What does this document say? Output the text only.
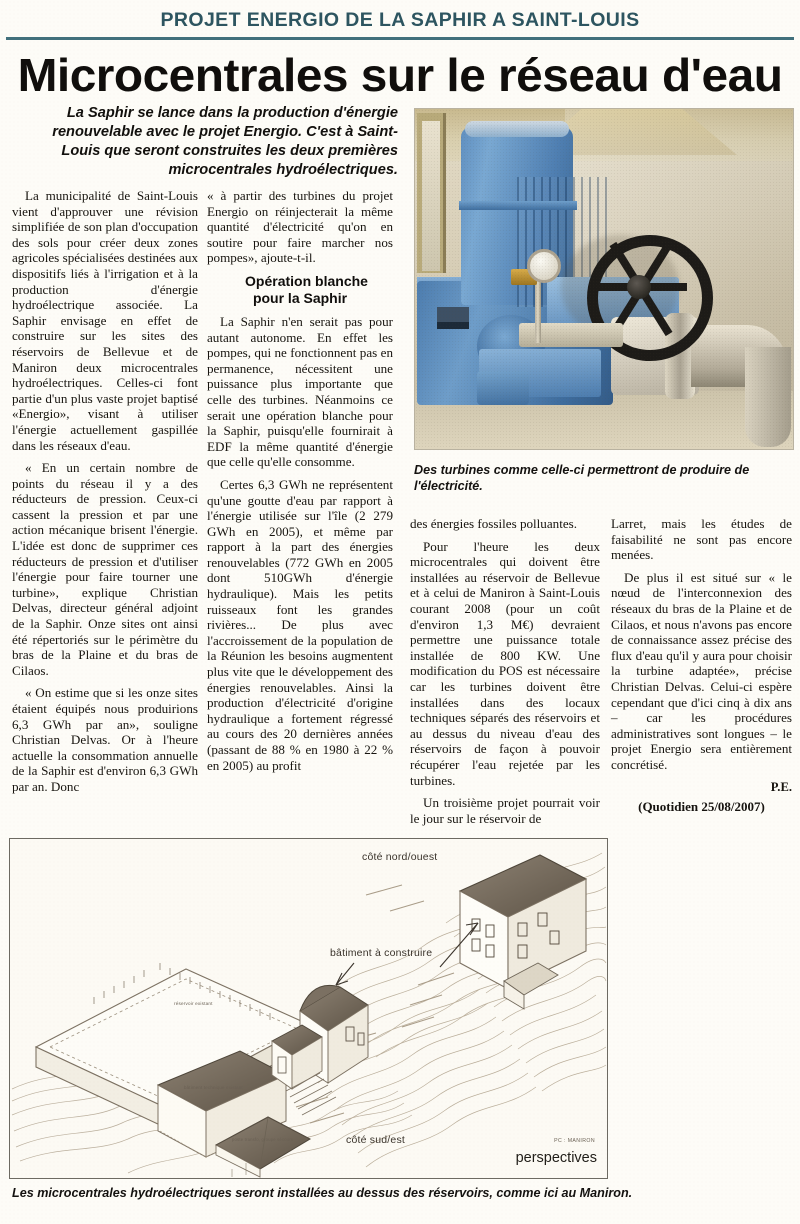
PROJET ENERGIO DE LA SAPHIR A SAINT-LOUIS
Microcentrales sur le réseau d'eau
La Saphir se lance dans la production d'énergie renouvelable avec le projet Energio. C'est à Saint-Louis que seront construites les deux premières microcentrales hydroélectriques.
Des turbines comme celle-ci permettront de produire de l'électricité.

La municipalité de Saint-Louis vient d'approuver une révision simplifiée de son plan d'occupation des sols pour créer deux zones agricoles spécialisées destinées aux dispositifs liés à l'irrigation et à la production d'énergie hydroélectrique associée. La Saphir envisage en effet de construire sur les sites des réservoirs de Bellevue et de Maniron deux microcentrales hydroélectriques. Celles-ci font partie d'un plus vaste projet baptisé «Energio», visant à utiliser l'énergie actuellement gaspillée dans les réseaux d'eau.

« En un certain nombre de points du réseau il y a des réducteurs de pression. Ceux-ci cassent la pression et par une action mécanique brisent l'énergie. L'idée est donc de supprimer ces réducteurs de pression et d'utiliser l'énergie pour faire tourner une turbine», explique Christian Delvas, directeur général adjoint de la Saphir. Onze sites ont ainsi été répertoriés sur le périmètre du bras de la Plaine et du bras de Cilaos.

« On estime que si les onze sites étaient équipés nous produirions 6,3 GWh par an», souligne Christian Delvas. Or à l'heure actuelle la consommation annuelle de la Saphir est d'environ 6,3 GWh par an. Donc

« à partir des turbines du projet Energio on réinjecterait la même quantité d'électricité qu'on en soutire pour faire marcher nos pompes», ajoute-t-il.

Opération blanche
pour la Saphir

La Saphir n'en serait pas pour autant autonome. En effet les pompes, qui ne fonctionnent pas en permanence, nécessitent une puissance plus importante que celle des turbines. Néanmoins ce serait une opération blanche pour la Saphir, puisqu'elle fournirait à EDF la même quantité d'énergie que celle qu'elle consomme.

Certes 6,3 GWh ne représentent qu'une goutte d'eau par rapport à l'énergie utilisée sur l'île (2 279 GWh en 2005), et même par rapport à la part des énergies renouvelables (772 GWh en 2005 dont 510GWh d'énergie hydraulique). Mais les petits ruisseaux font les grandes rivières... De plus avec l'accroissement de la population de la Réunion les besoins augmentent plus vite que le développement des énergies renouvelables. Ainsi la production d'électricité d'origine hydraulique a fortement régressé au cours des 20 dernières années (passant de 88 % en 1980 à 22 % en 2005) au profit

des énergies fossiles polluantes.

Pour l'heure les deux microcentrales qui doivent être installées au réservoir de Bellevue et à celui de Maniron à Saint-Louis courant 2008 (pour un coût d'environ 1,3 M€) devraient permettre une puissance totale installée de 800 KW. Une modification du POS est nécessaire car les turbines doivent être installées dans des locaux techniques séparés des réservoirs et au dessus du niveau d'eau des réservoirs de façon à pouvoir récupérer l'eau rejetée par les turbines.

Un troisième projet pourrait voir le jour sur le réservoir de

Larret, mais les études de faisabilité ne sont pas encore menées.

De plus il est situé sur « le nœud de l'interconnexion des réseaux du bras de la Plaine et de Cilaos, et nous n'avons pas encore de connaissance assez précise des flux d'eau qu'il y aura pour choisir la turbine adaptée», précise Christian Delvas. Celui-ci espère cependant que d'ici cinq à dix ans – car les procédures administratives sont longues – le projet Energio sera entièrement concrétisé.

P.E.

(Quotidien 25/08/2007)
côté nord/ouest
côté sud/est
bâtiment à construire
réservoir existant
bâtiment technique existant
poste transfo, groupe sécours	PC : MANIRON
perspectives
Les microcentrales hydroélectriques seront installées au dessus des réservoirs, comme ici au Maniron.
